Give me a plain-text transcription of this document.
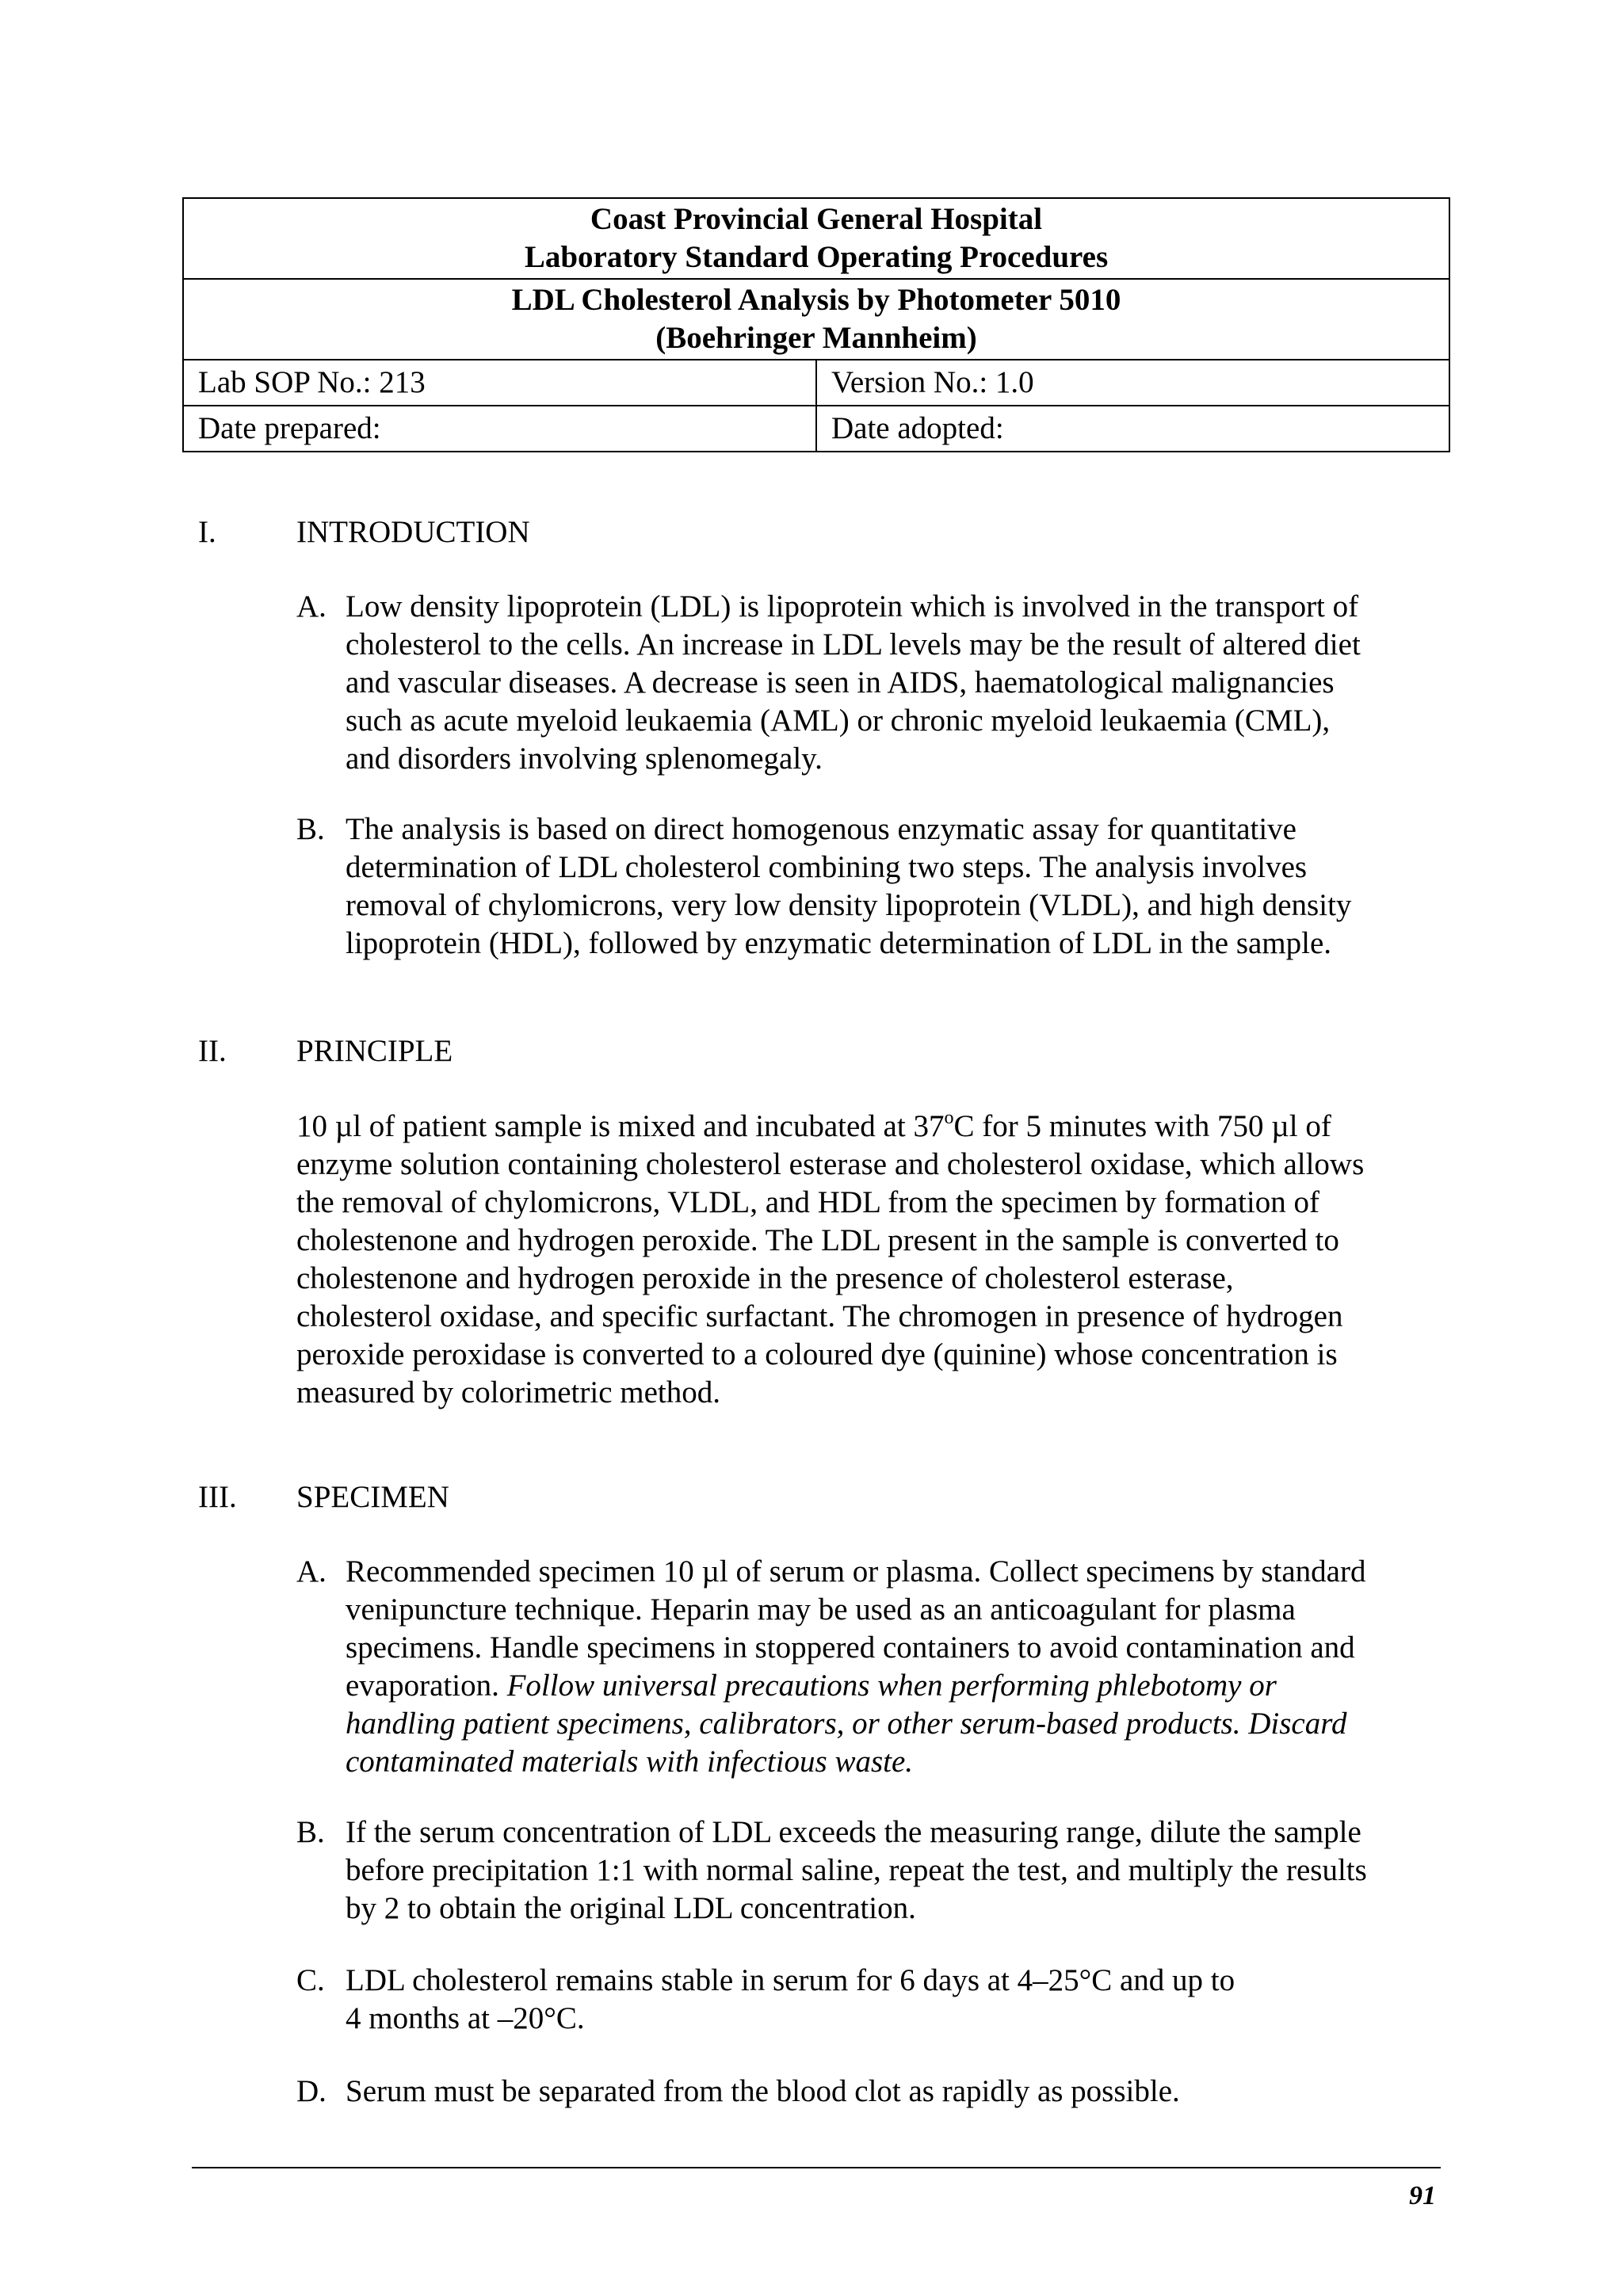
Coast Provincial General Hospital
Laboratory Standard Operating Procedures	

LDL Cholesterol Analysis by Photometer 5010
(Boehringer Mannheim)	

Lab SOP No.: 213	Version No.: 1.0
Date prepared:	Date adopted:
I.	INTRODUCTION
A. Low density lipoprotein (LDL) is lipoprotein which is involved in the transport of
cholesterol to the cells. An increase in LDL levels may be the result of altered diet
and vascular diseases. A decrease is seen in AIDS, haematological malignancies
such as acute myeloid leukaemia (AML) or chronic myeloid leukaemia (CML),
and disorders involving splenomegaly.
B. The analysis is based on direct homogenous enzymatic assay for quantitative
determination of LDL cholesterol combining two steps. The analysis involves
removal of chylomicrons, very low density lipoprotein (VLDL), and high density
lipoprotein (HDL), followed by enzymatic determination of LDL in the sample.
II. PRINCIPLE
10 µl of patient sample is mixed and incubated at 37$^o$C for 5 minutes with 750 µl of
enzyme solution containing cholesterol esterase and cholesterol oxidase, which allows
the removal of chylomicrons, VLDL, and HDL from the specimen by formation of
cholestenone and hydrogen peroxide. The LDL present in the sample is converted to
cholestenone and hydrogen peroxide in the presence of cholesterol esterase,
cholesterol oxidase, and specific surfactant. The chromogen in presence of hydrogen
peroxide peroxidase is converted to a coloured dye (quinine) whose concentration is
measured by colorimetric method.
III. SPECIMEN
A. Recommended specimen 10 µl of serum or plasma. Collect specimens by standard
venipuncture technique. Heparin may be used as an anticoagulant for plasma
specimens. Handle specimens in stoppered containers to avoid contamination and
evaporation. Follow universal precautions when performing phlebotomy or
handling patient specimens, calibrators, or other serum-based products. Discard
contaminated materials with infectious waste.
B. If the serum concentration of LDL exceeds the measuring range, dilute the sample
before precipitation 1:1 with normal saline, repeat the test, and multiply the results
by 2 to obtain the original LDL concentration.
C. LDL cholesterol remains stable in serum for 6 days at 4–25°C and up to
4 months at –20°C.
D. Serum must be separated from the blood clot as rapidly as possible.
91
